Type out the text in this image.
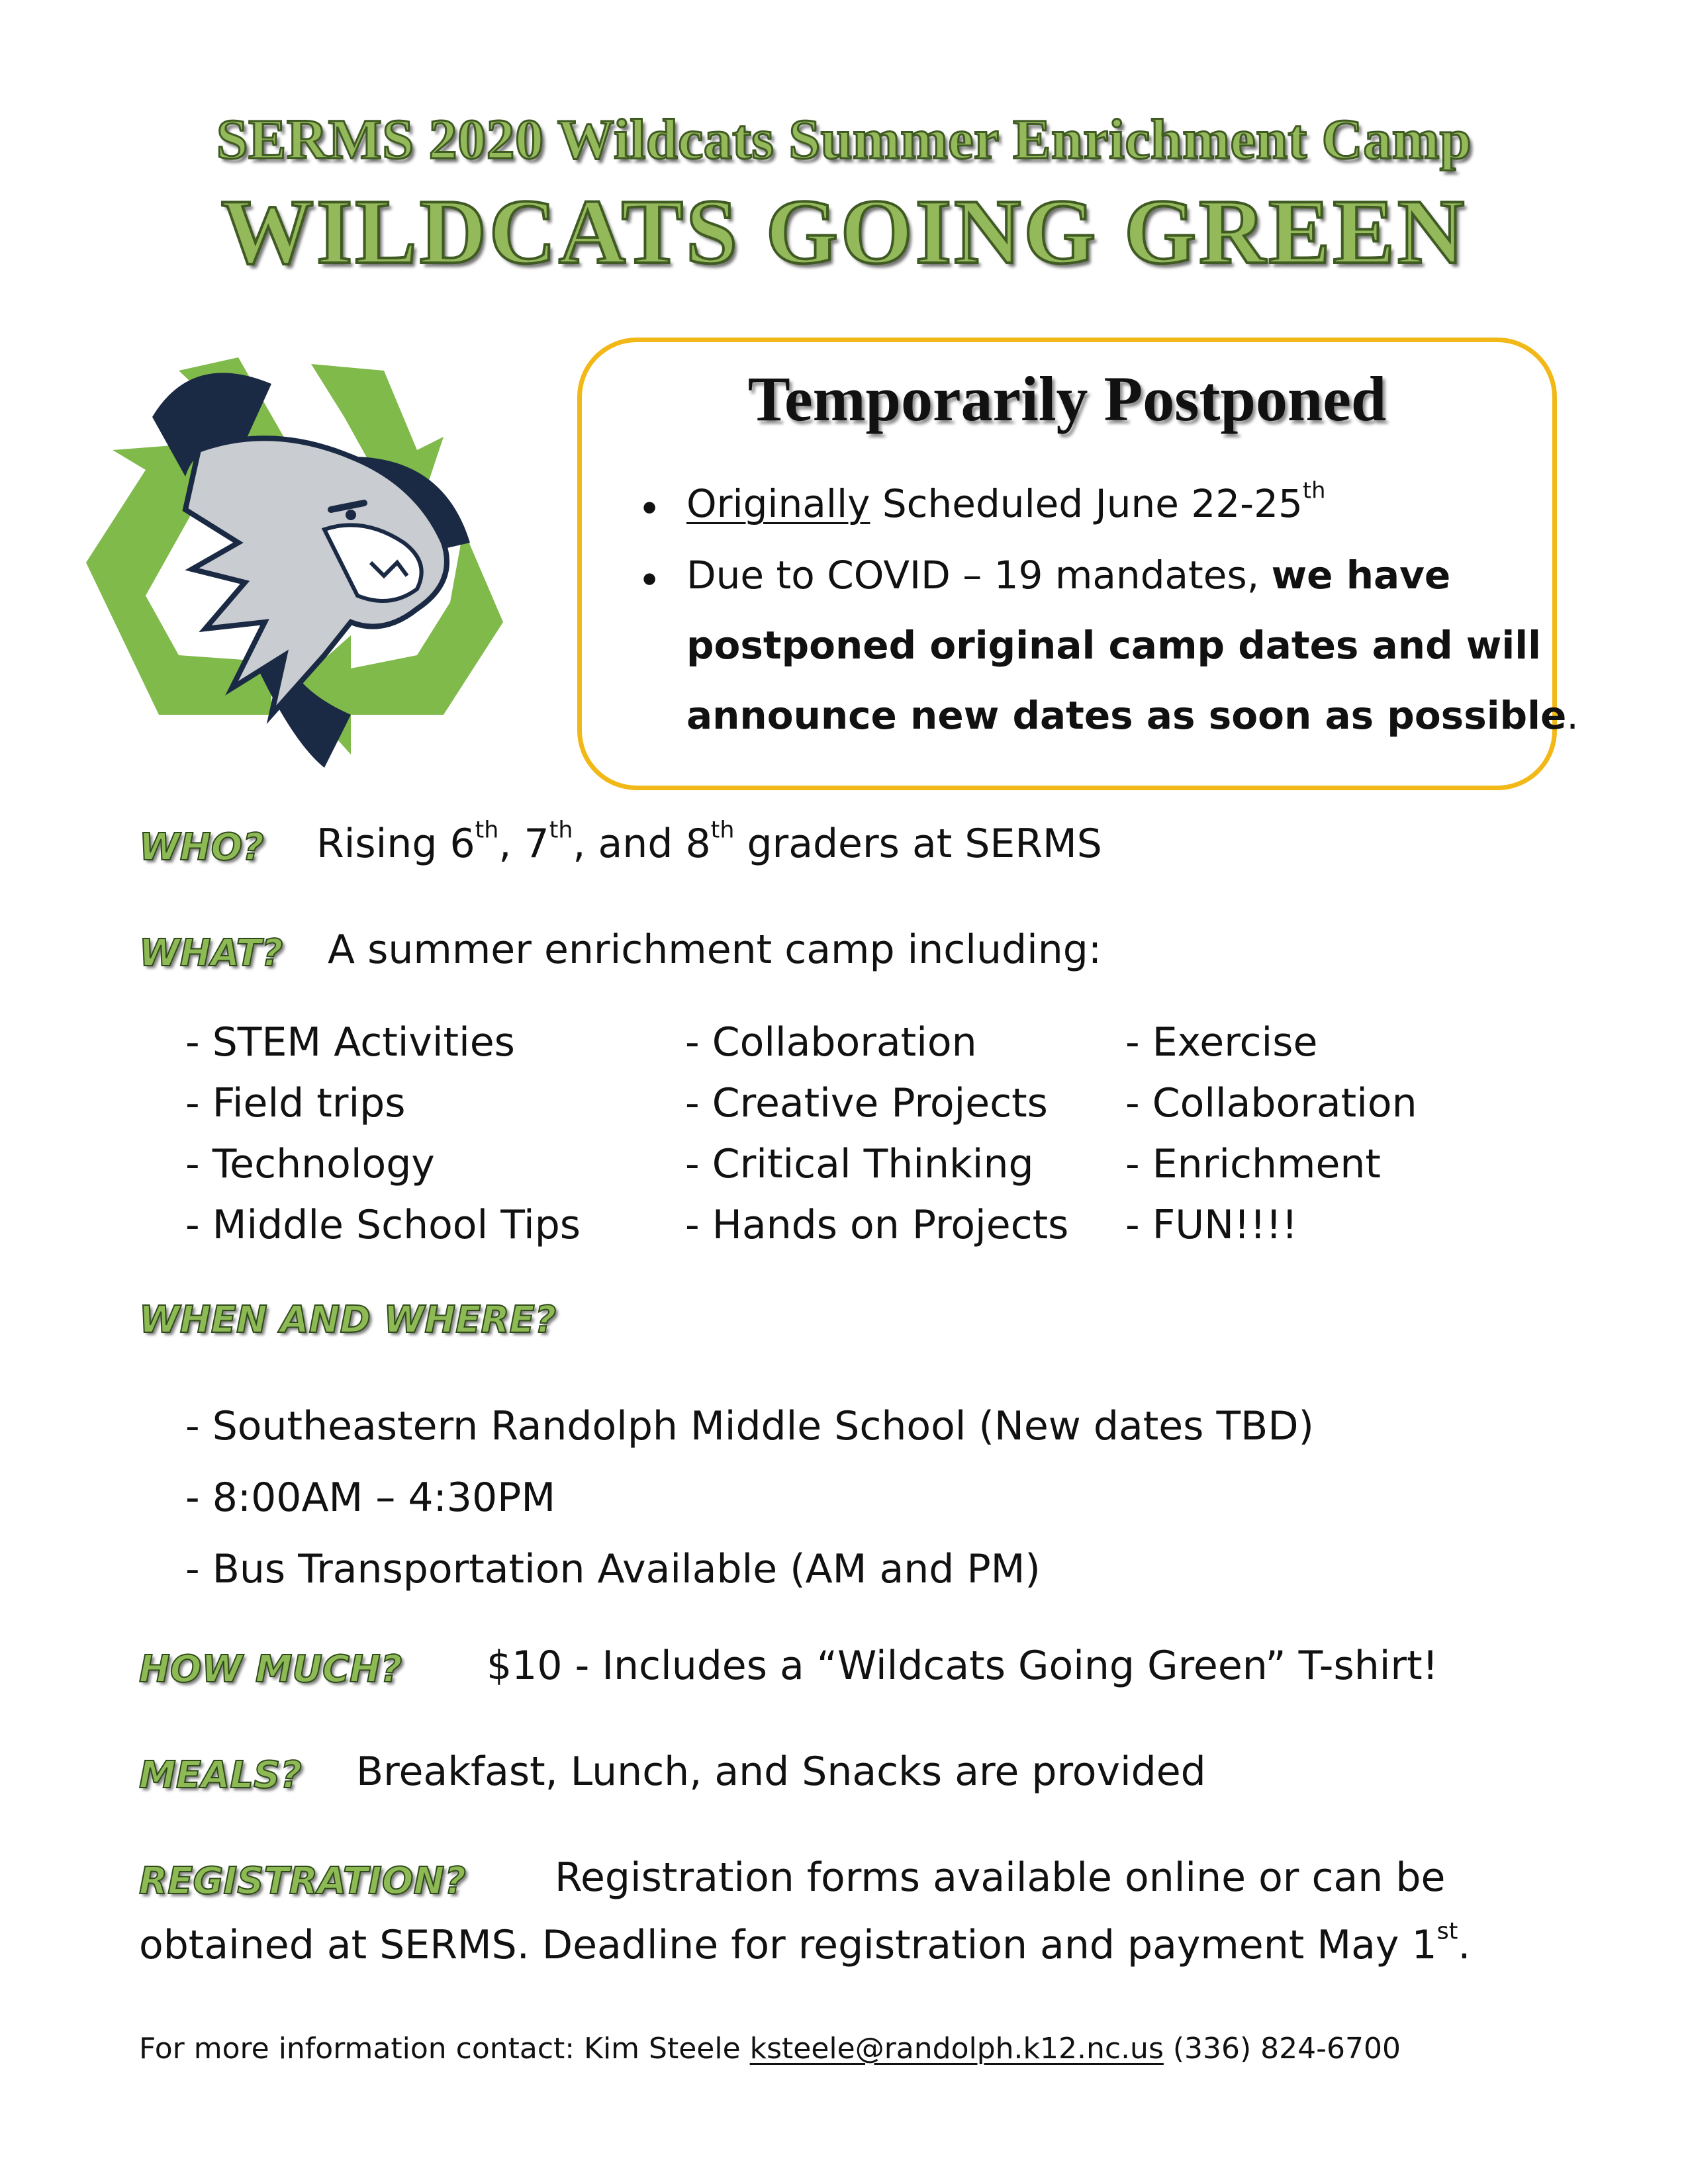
SERMS 2020 Wildcats Summer Enrichment Camp
WILDCATS GOING GREEN
Temporarily Postponed
● Originally Scheduled June 22-25th
● Due to COVID – 19 mandates, we have
postponed original camp dates and will
announce new dates as soon as possible.
WHO? Rising 6th, 7th, and 8th graders at SERMS
WHAT? A summer enrichment camp including:
- STEM Activities
- Field trips
- Technology
- Middle School Tips
- Collaboration
- Creative Projects
- Critical Thinking
- Hands on Projects
- Exercise
- Collaboration
- Enrichment
- FUN!!!!
WHEN AND WHERE?
- Southeastern Randolph Middle School (New dates TBD)
- 8:00AM – 4:30PM
- Bus Transportation Available (AM and PM)
HOW MUCH? $10 - Includes a “Wildcats Going Green” T-shirt!
MEALS? Breakfast, Lunch, and Snacks are provided
REGISTRATION? Registration forms available online or can be
obtained at SERMS. Deadline for registration and payment May 1st.
For more information contact: Kim Steele ksteele@randolph.k12.nc.us (336) 824-6700
